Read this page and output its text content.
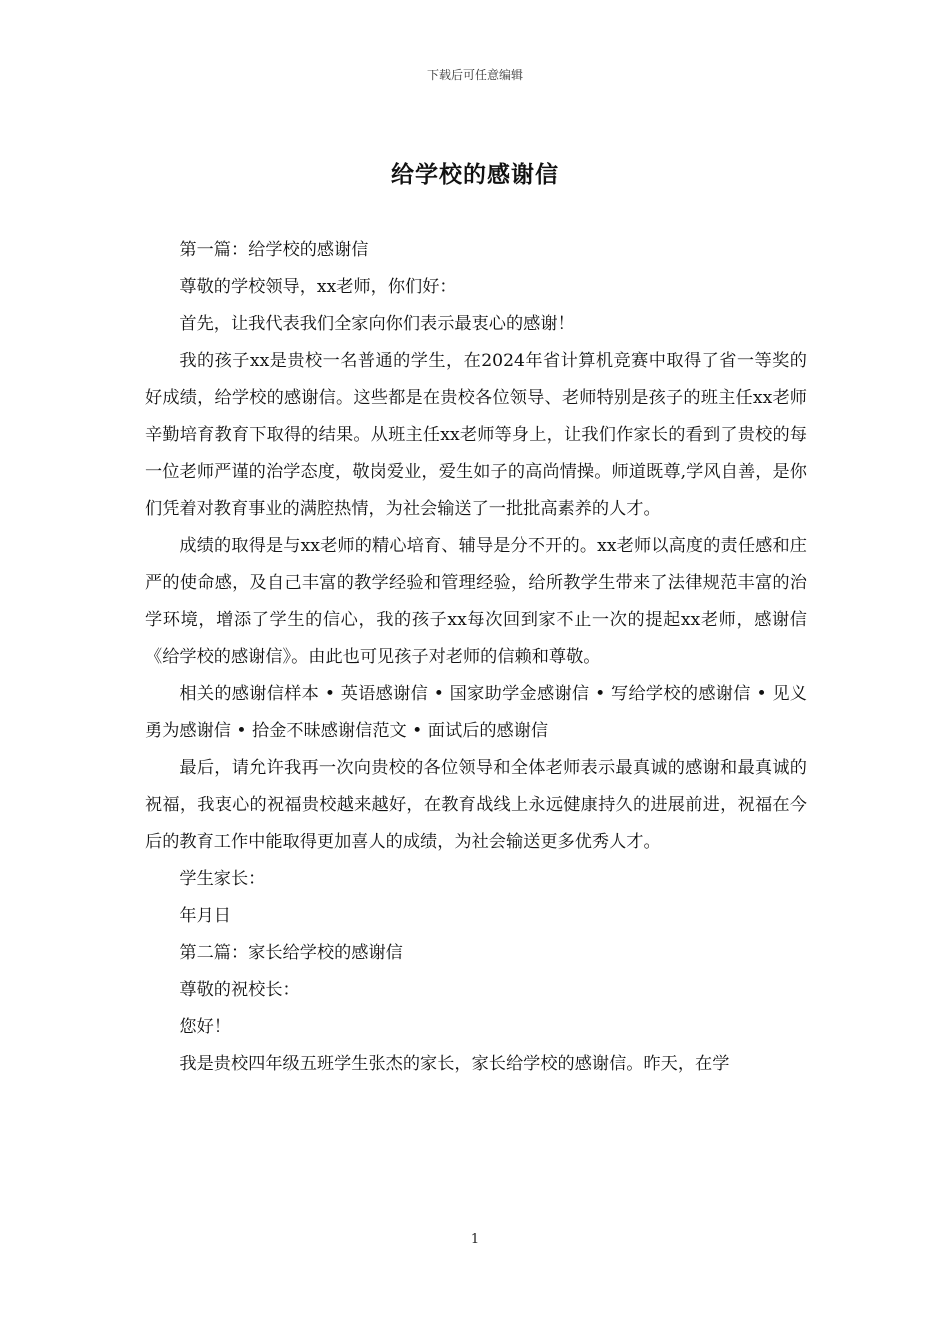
下载后可任意编辑
给学校的感谢信

第一篇：给学校的感谢信

尊敬的学校领导，xx老师，你们好：

首先，让我代表我们全家向你们表示最衷心的感谢！

我的孩子xx是贵校一名普通的学生，在2024年省计算机竞赛中取得了省一等奖的好成绩，给学校的感谢信。这些都是在贵校各位领导、老师特别是孩子的班主任xx老师辛勤培育教育下取得的结果。从班主任xx老师等身上，让我们作家长的看到了贵校的每一位老师严谨的治学态度，敬岗爱业，爱生如子的高尚情操。师道既尊,学风自善，是你们凭着对教育事业的满腔热情，为社会输送了一批批高素养的人才。

成绩的取得是与xx老师的精心培育、辅导是分不开的。xx老师以高度的责任感和庄严的使命感，及自己丰富的教学经验和管理经验，给所教学生带来了法律规范丰富的治学环境，增添了学生的信心，我的孩子xx每次回到家不止一次的提起xx老师，感谢信《给学校的感谢信》。由此也可见孩子对老师的信赖和尊敬。

相关的感谢信样本 • 英语感谢信 • 国家助学金感谢信 • 写给学校的感谢信 • 见义勇为感谢信 • 拾金不昧感谢信范文 • 面试后的感谢信

最后，请允许我再一次向贵校的各位领导和全体老师表示最真诚的感谢和最真诚的祝福，我衷心的祝福贵校越来越好，在教育战线上永远健康持久的进展前进，祝福在今后的教育工作中能取得更加喜人的成绩，为社会输送更多优秀人才。

学生家长：

年月日

第二篇：家长给学校的感谢信

尊敬的祝校长：

您好！

我是贵校四年级五班学生张杰的家长，家长给学校的感谢信。昨天，在学

1
